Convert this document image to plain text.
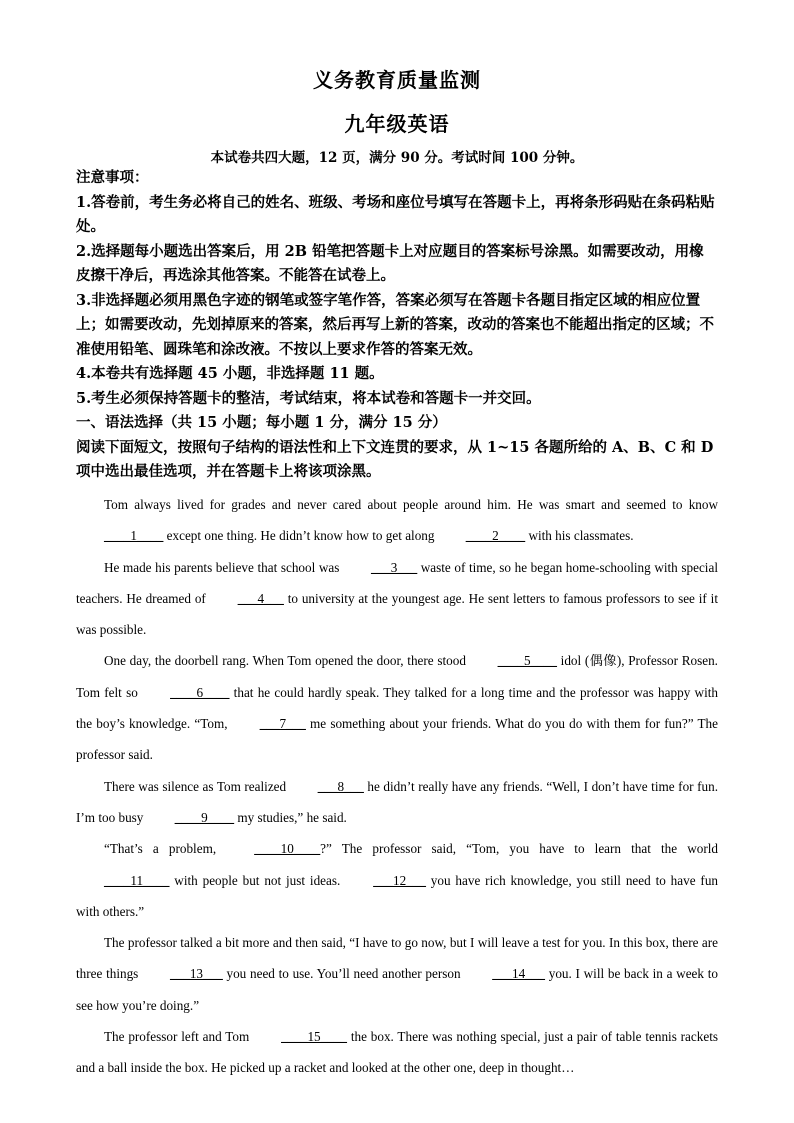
义务教育质量监测
九年级英语
本试卷共四大题，12 页，满分 90 分。考试时间 100 分钟。

注意事项：

1.答卷前，考生务必将自己的姓名、班级、考场和座位号填写在答题卡上，再将条形码贴在条码粘贴处。

2.选择题每小题选出答案后，用 2B 铅笔把答题卡上对应题目的答案标号涂黑。如需要改动，用橡皮擦干净后，再选涂其他答案。不能答在试卷上。

3.非选择题必须用黑色字迹的钢笔或签字笔作答，答案必须写在答题卡各题目指定区域的相应位置上；如需要改动，先划掉原来的答案，然后再写上新的答案，改动的答案也不能超出指定的区域；不准使用铅笔、圆珠笔和涂改液。不按以上要求作答的答案无效。

4.本卷共有选择题 45 小题，非选择题 11 题。

5.考生必须保持答题卡的整洁，考试结束，将本试卷和答题卡一并交回。

一、语法选择（共 15 小题；每小题 1 分，满分 15 分）

阅读下面短文，按照句子结构的语法性和上下文连贯的要求，从 1~15 各题所给的 A、B、C 和 D 项中选出最佳选项，并在答题卡上将该项涂黑。

Tom always lived for grades and never cared about people around him. He was smart and seemed to know ____1____ except one thing. He didn’t know how to get along ____2____ with his classmates.

He made his parents believe that school was ___3___ waste of time, so he began home-schooling with special teachers. He dreamed of ___4___ to university at the youngest age. He sent letters to famous professors to see if it was possible.

One day, the doorbell rang. When Tom opened the door, there stood ____5____ idol (偶像), Professor Rosen. Tom felt so ____6____ that he could hardly speak. They talked for a long time and the professor was happy with the boy’s knowledge. “Tom, ___7___ me something about your friends. What do you do with them for fun?” The professor said.

There was silence as Tom realized ___8___ he didn’t really have any friends. “Well, I don’t have time for fun. I’m too busy ____9____ my studies,” he said.

“That’s a problem, ____10____?” The professor said, “Tom, you have to learn that the world ____11____ with people but not just ideas. ___12___ you have rich knowledge, you still need to have fun with others.”

The professor talked a bit more and then said, “I have to go now, but I will leave a test for you. In this box, there are three things ___13___ you need to use. You’ll need another person ___14___ you. I will be back in a week to see how you’re doing.”

The professor left and Tom ____15____ the box. There was nothing special, just a pair of table tennis rackets and a ball inside the box. He picked up a racket and looked at the other one, deep in thought…
